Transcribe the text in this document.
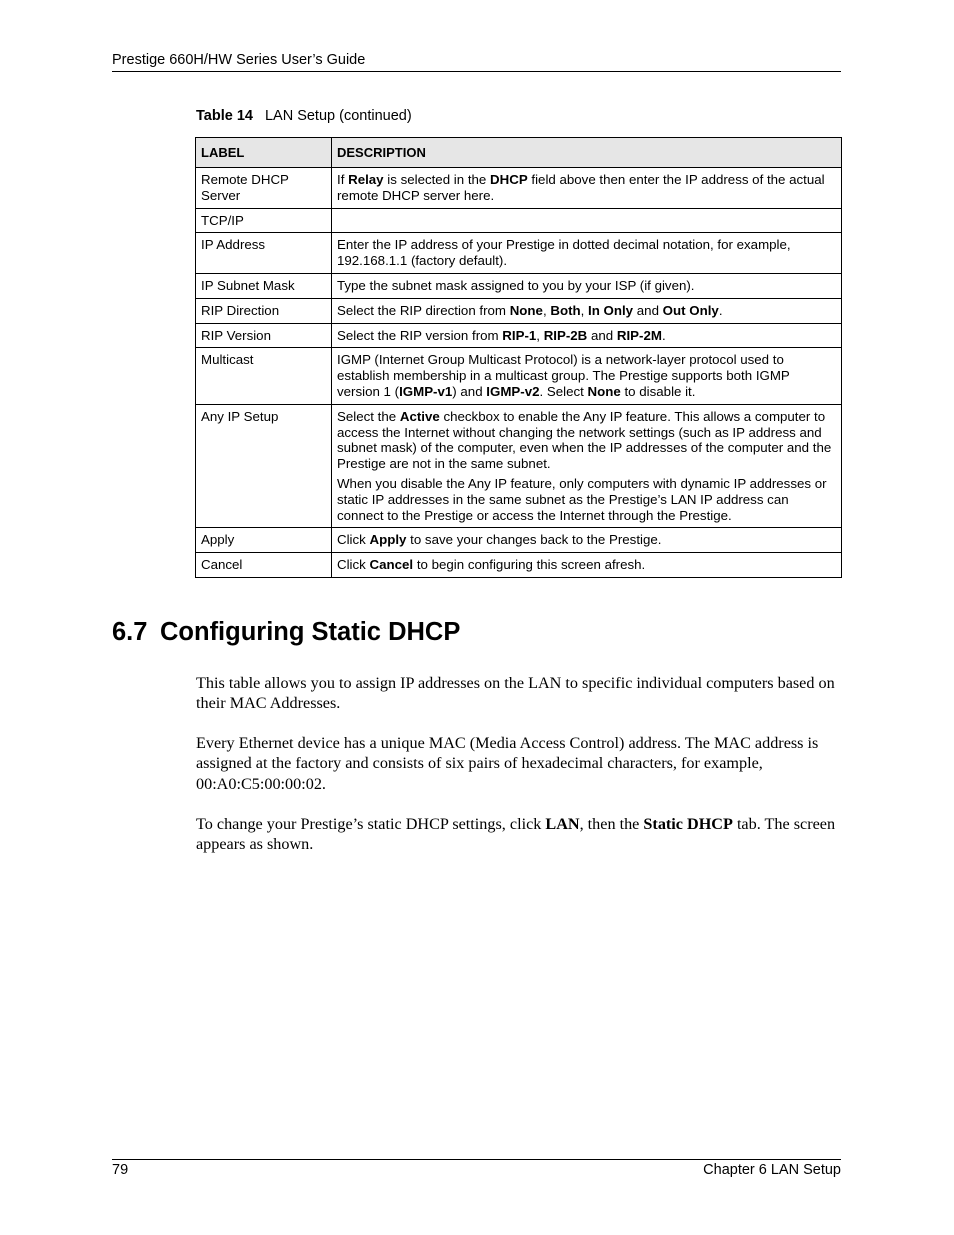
Prestige 660H/HW Series User’s Guide
Table 14 LAN Setup (continued)
LABEL	DESCRIPTION
Remote DHCP Server	If Relay is selected in the DHCP field above then enter the IP address of the actual remote DHCP server here.

TCP/IP	
IP Address	Enter the IP address of your Prestige in dotted decimal notation, for example, 192.168.1.1 (factory default).

IP Subnet Mask	Type the subnet mask assigned to you by your ISP (if given).

RIP Direction	Select the RIP direction from None, Both, In Only and Out Only.

RIP Version	Select the RIP version from RIP-1, RIP-2B and RIP-2M.

Multicast	IGMP (Internet Group Multicast Protocol) is a network-layer protocol used to establish membership in a multicast group. The Prestige supports both IGMP version 1 (IGMP-v1) and IGMP-v2. Select None to disable it.

Any IP Setup	Select the Active checkbox to enable the Any IP feature. This allows a computer to access the Internet without changing the network settings (such as IP address and subnet mask) of the computer, even when the IP addresses of the computer and the Prestige are not in the same subnet.

When you disable the Any IP feature, only computers with dynamic IP addresses or static IP addresses in the same subnet as the Prestige’s LAN IP address can connect to the Prestige or access the Internet through the Prestige.

Apply	Click Apply to save your changes back to the Prestige.

Cancel	Click Cancel to begin configuring this screen afresh.

6.7 Configuring Static DHCP
This table allows you to assign IP addresses on the LAN to specific individual computers based on their MAC Addresses.
Every Ethernet device has a unique MAC (Media Access Control) address. The MAC address is assigned at the factory and consists of six pairs of hexadecimal characters, for example, 00:A0:C5:00:00:02.
To change your Prestige’s static DHCP settings, click LAN, then the Static DHCP tab. The screen appears as shown.
79	Chapter 6 LAN Setup
